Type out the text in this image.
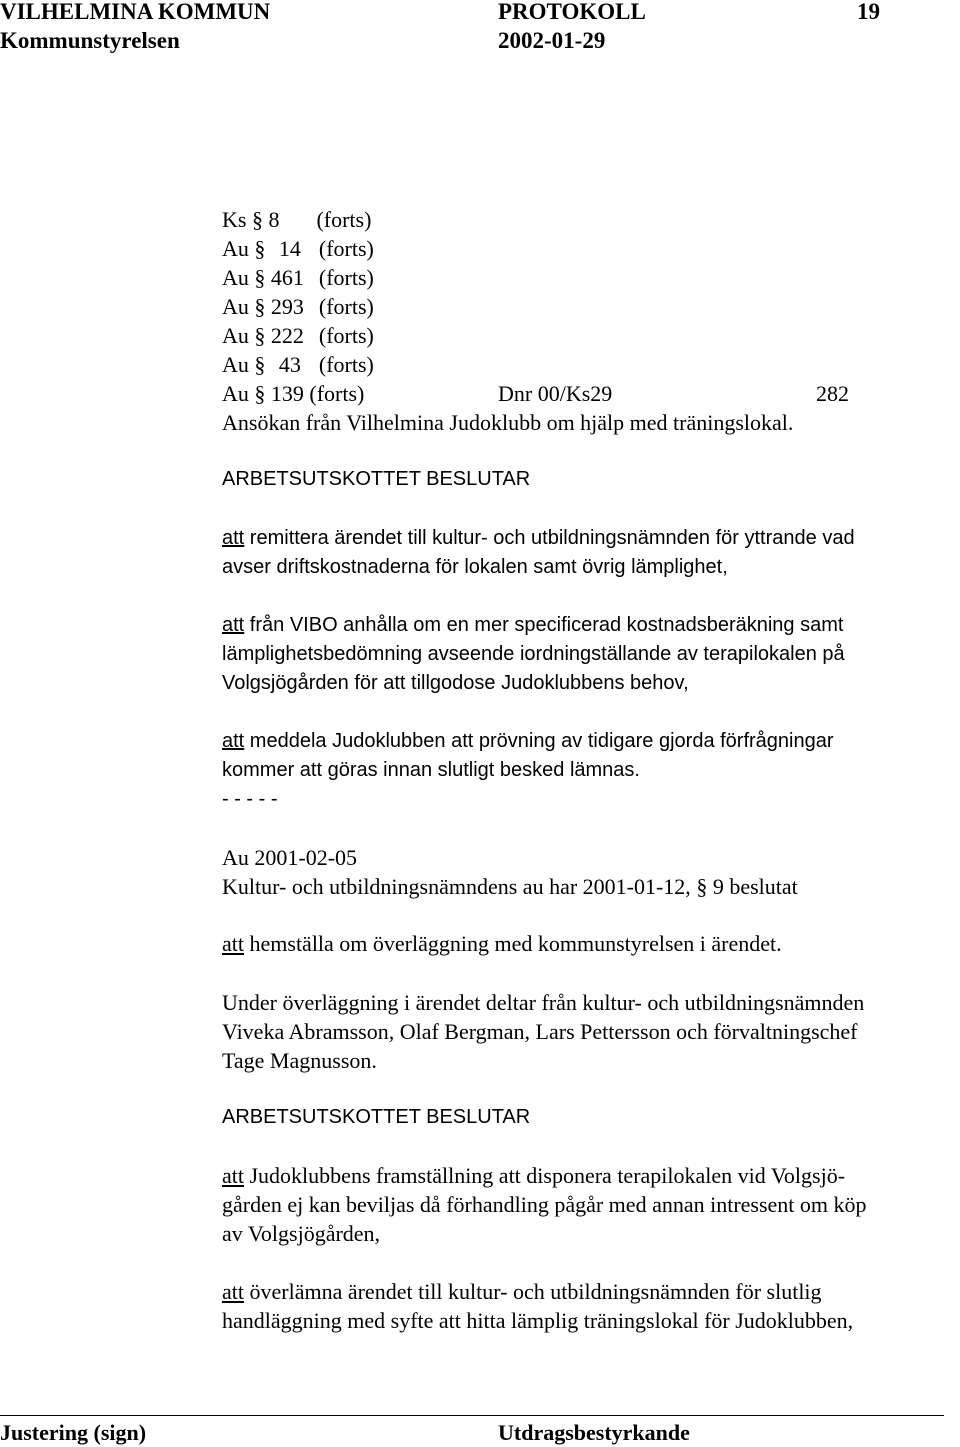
VILHELMINA KOMMUN	PROTOKOLL	19
Kommunstyrelsen	2002-01-29
Ks § 8 (forts)
Au § 14 (forts)
Au § 461 (forts)
Au § 293 (forts)
Au § 222 (forts)
Au § 43 (forts)
Au § 139 (forts)	Dnr 00/Ks29	282
Ansökan från Vilhelmina Judoklubb om hjälp med träningslokal.
ARBETSUTSKOTTET BESLUTAR
att remittera ärendet till kultur- och utbildningsnämnden för yttrande vad
avser driftskostnaderna för lokalen samt övrig lämplighet,
att från VIBO anhålla om en mer specificerad kostnadsberäkning samt
lämplighetsbedömning avseende iordningställande av terapilokalen på
Volgsjögården för att tillgodose Judoklubbens behov,
att meddela Judoklubben att prövning av tidigare gjorda förfrågningar
kommer att göras innan slutligt besked lämnas.
- - - - -
Au 2001-02-05
Kultur- och utbildningsnämndens au har 2001-01-12, § 9 beslutat
att hemställa om överläggning med kommunstyrelsen i ärendet.
Under överläggning i ärendet deltar från kultur- och utbildningsnämnden
Viveka Abramsson, Olaf Bergman, Lars Pettersson och förvaltningschef
Tage Magnusson.
ARBETSUTSKOTTET BESLUTAR
att Judoklubbens framställning att disponera terapilokalen vid Volgsjö-
gården ej kan beviljas då förhandling pågår med annan intressent om köp
av Volgsjögården,
att överlämna ärendet till kultur- och utbildningsnämnden för slutlig
handläggning med syfte att hitta lämplig träningslokal för Judoklubben,
Justering (sign)	Utdragsbestyrkande
